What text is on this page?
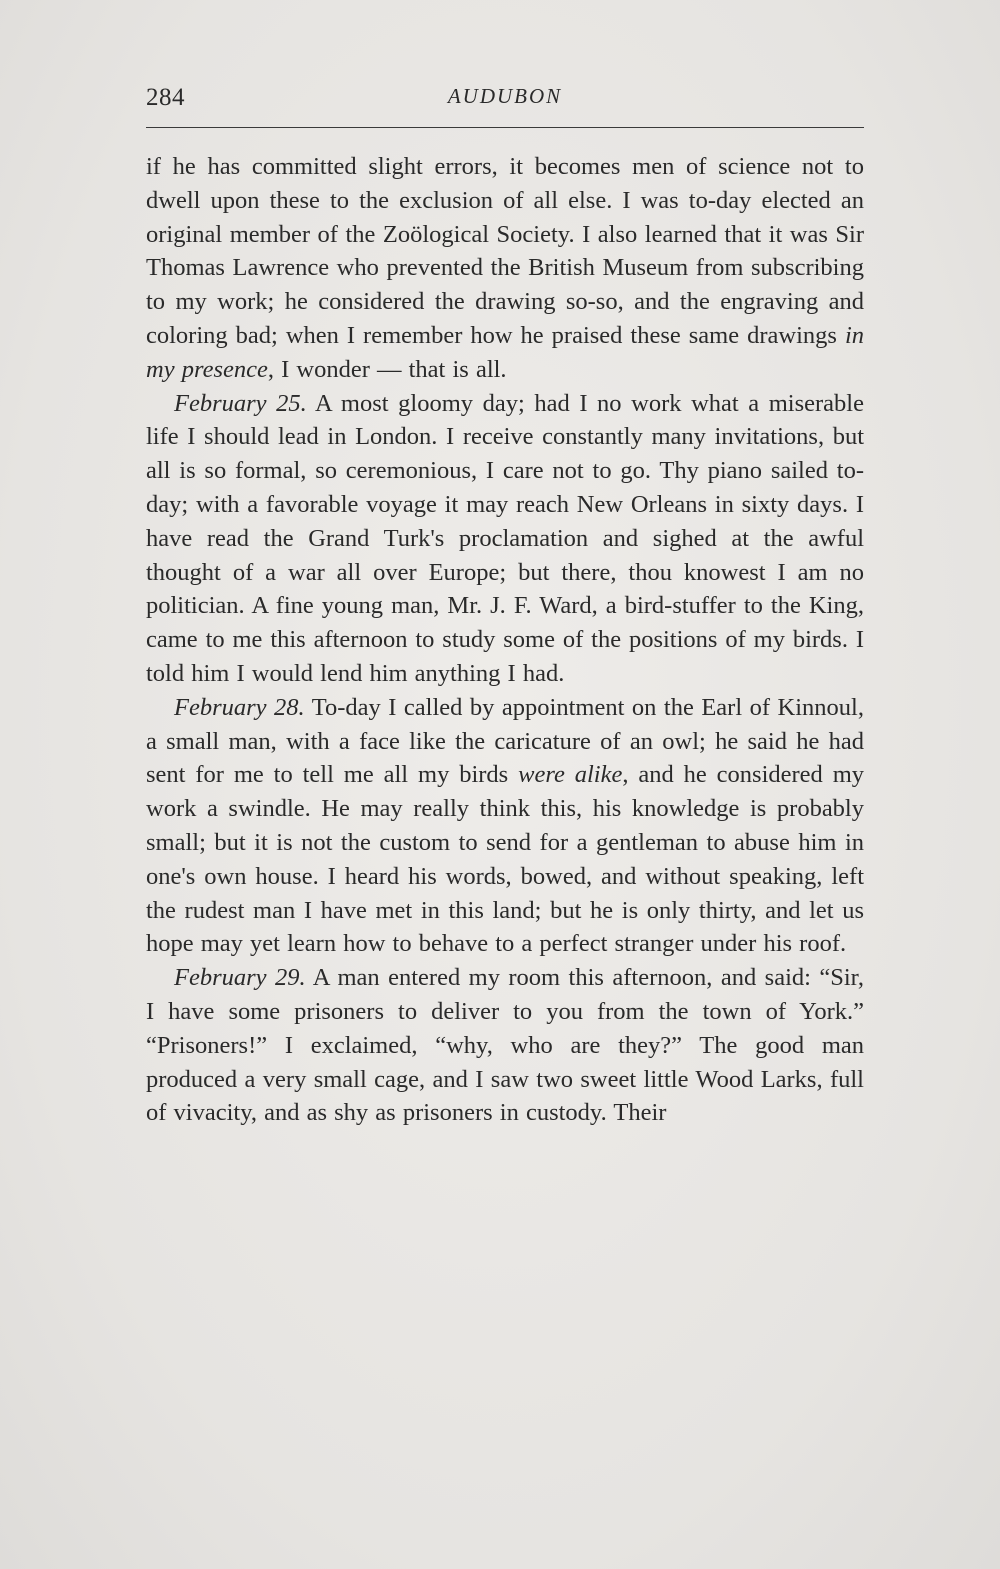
284	AUDUBON

if he has committed slight errors, it becomes men of science not to dwell upon these to the exclusion of all else. I was to-day elected an original member of the Zoölogical Society. I also learned that it was Sir Thomas Lawrence who prevented the British Museum from subscribing to my work; he considered the drawing so-so, and the engraving and coloring bad; when I remember how he praised these same drawings in my presence, I wonder — that is all.

February 25. A most gloomy day; had I no work what a miserable life I should lead in London. I receive constantly many invitations, but all is so formal, so ceremonious, I care not to go. Thy piano sailed to-day; with a favorable voyage it may reach New Orleans in sixty days. I have read the Grand Turk's proclamation and sighed at the awful thought of a war all over Europe; but there, thou knowest I am no politician. A fine young man, Mr. J. F. Ward, a bird-stuffer to the King, came to me this afternoon to study some of the positions of my birds. I told him I would lend him anything I had.

February 28. To-day I called by appointment on the Earl of Kinnoul, a small man, with a face like the caricature of an owl; he said he had sent for me to tell me all my birds were alike, and he considered my work a swindle. He may really think this, his knowledge is probably small; but it is not the custom to send for a gentleman to abuse him in one's own house. I heard his words, bowed, and without speaking, left the rudest man I have met in this land; but he is only thirty, and let us hope may yet learn how to behave to a perfect stranger under his roof.

February 29. A man entered my room this afternoon, and said: “Sir, I have some prisoners to deliver to you from the town of York.” “Prisoners!” I exclaimed, “why, who are they?” The good man produced a very small cage, and I saw two sweet little Wood Larks, full of vivacity, and as shy as prisoners in custody. Their
